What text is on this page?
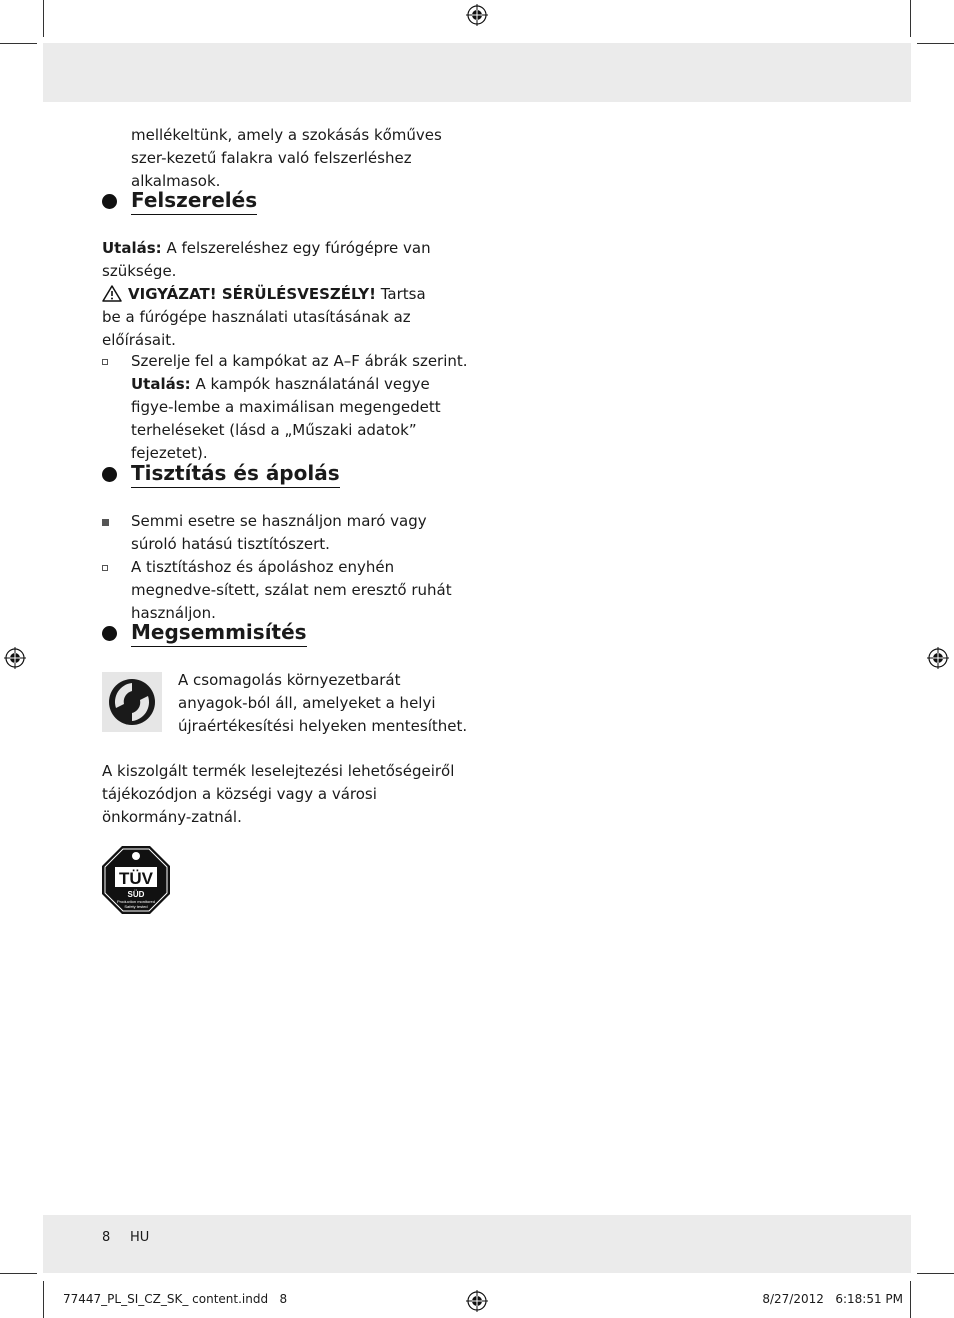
mellékeltünk, amely a szokásás kőműves szer-kezetű falakra való felszerléshez alkalmasok.

Felszerelés

Utalás: A felszereléshez egy fúrógépre van szüksége.

VIGYÁZAT! SÉRÜLÉSVESZÉLY! Tartsa be a fúrógépe használati utasításának az előírásait.

Szerelje fel a kampókat az A–F ábrák szerint.

Utalás: A kampók használatánál vegye figye-lembe a maximálisan megengedett terheléseket (lásd a „Műszaki adatok” fejezetet).

Tisztítás és ápolás

Semmi esetre se használjon maró vagy súroló hatású tisztítószert.

A tisztításhoz és ápoláshoz enyhén megnedve-sített, szálat nem eresztő ruhát használjon.

Megsemmisítés

A csomagolás környezetbarát anyagok-ból áll, amelyeket a helyi újraértékesítési helyeken mentesíthet.

A kiszolgált termék leselejtezési lehetőségeiről tájékozódjon a községi vagy a városi önkormány-zatnál.

TÜV
SÜD
Production monitored
Safety tested
8 HU
77447_PL_SI_CZ_SK_ content.indd   8	8/27/2012   6:18:51 PM
